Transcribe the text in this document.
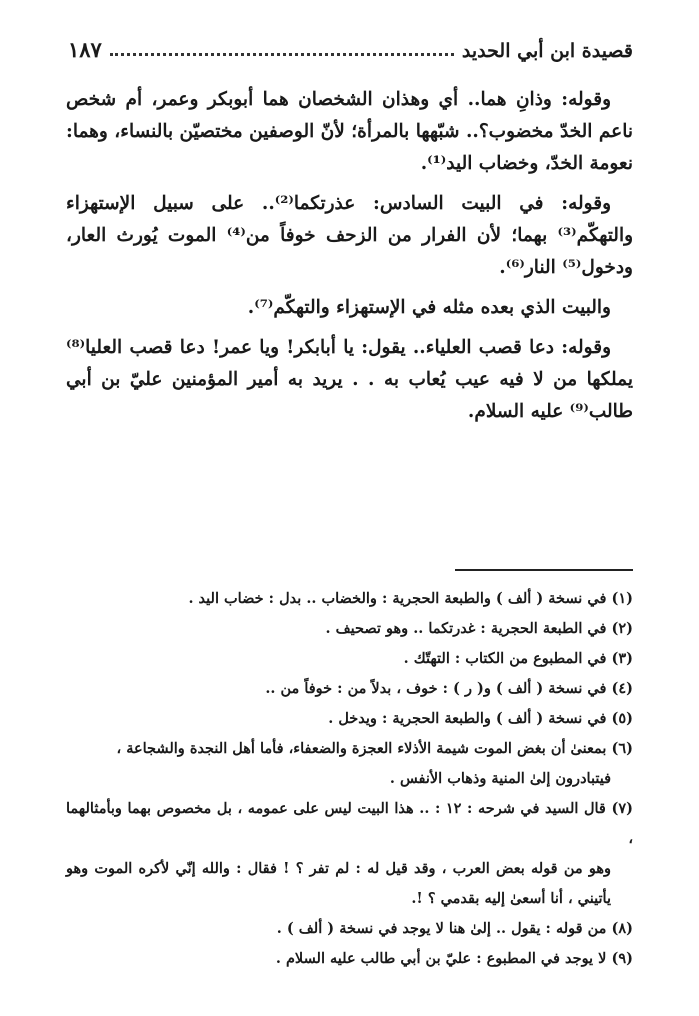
قصيدة ابن أبي الحديد
١٨٧

وقوله: وذانِ هما.. أي وهذان الشخصان هما أبوبكر وعمر، أم شخص ناعم الخدّ مخضوب؟.. شبّهها بالمرأة؛ لأنّ الوصفين مختصيّن بالنساء، وهما: نعومة الخدّ، وخضاب اليد⁽¹⁾.

وقوله: في البيت السادس: عذرتكما⁽²⁾.. على سبيل الإستهزاء والتهكّم⁽³⁾ بهما؛ لأن الفرار من الزحف خوفاً من⁽⁴⁾ الموت يُورث العار، ودخول⁽⁵⁾ النار⁽⁶⁾.

والبيت الذي بعده مثله في الإستهزاء والتهكّم⁽⁷⁾.

وقوله: دعا قصب العلياء.. يقول: يا أبابكر! ويا عمر! دعا قصب العليا⁽⁸⁾ يملكها من لا فيه عيب يُعاب به . . يريد به أمير المؤمنين عليّ بن أبي طالب⁽⁹⁾ عليه السلام.

(١) في نسخة ( ألف ) والطبعة الحجرية : والخضاب .. بدل : خضاب اليد .
(٢) في الطبعة الحجرية : غدرتكما .. وهو تصحيف .
(٣) في المطبوع من الكتاب : التهتّك .
(٤) في نسخة ( ألف ) و( ر ) : خوف ، بدلاً من : خوفاً من ..
(٥) في نسخة ( ألف ) والطبعة الحجرية : ويدخل .
(٦) بمعنىٰ أن بغض الموت شيمة الأذلاء العجزة والضعفاء، فأما أهل النجدة والشجاعة ،
فيتبادرون إلىٰ المنية وذهاب الأنفس .
(٧) قال السيد في شرحه : ١٢ : .. هذا البيت ليس على عمومه ، بل مخصوص بهما وبأمثالهما ،
وهو من قوله بعض العرب ، وقد قيل له : لم تفر ؟ ! فقال : والله إنّي لأكره الموت وهو يأتيني ، أنا أسعىٰ إليه بقدمي ؟ !.
(٨) من قوله : يقول .. إلىٰ هنا لا يوجد في نسخة ( ألف ) .
(٩) لا يوجد في المطبوع : عليّ بن أبي طالب عليه السلام .
